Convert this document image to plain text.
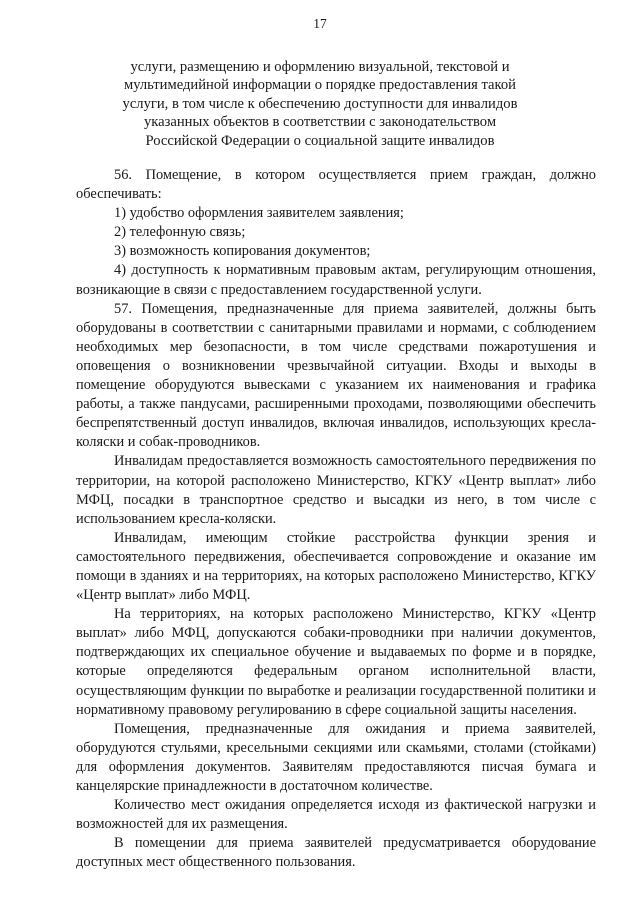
17
услуги, размещению и оформлению визуальной, текстовой и
мультимедийной информации о порядке предоставления такой
услуги, в том числе к обеспечению доступности для инвалидов
указанных объектов в соответствии с законодательством
Российской Федерации о социальной защите инвалидов

56. Помещение, в котором осуществляется прием граждан, должно обеспечивать:

1) удобство оформления заявителем заявления;

2) телефонную связь;

3) возможность копирования документов;

4) доступность к нормативным правовым актам, регулирующим отношения, возникающие в связи с предоставлением государственной услуги.

57. Помещения, предназначенные для приема заявителей, должны быть оборудованы в соответствии с санитарными правилами и нормами, с соблюдением необходимых мер безопасности, в том числе средствами пожаротушения и оповещения о возникновении чрезвычайной ситуации. Входы и выходы в помещение оборудуются вывесками с указанием их наименования и графика работы, а также пандусами, расширенными проходами, позволяющими обеспечить беспрепятственный доступ инвалидов, включая инвалидов, использующих кресла-коляски и собак-проводников.

Инвалидам предоставляется возможность самостоятельного передвижения по территории, на которой расположено Министерство, КГКУ «Центр выплат» либо МФЦ, посадки в транспортное средство и высадки из него, в том числе с использованием кресла-коляски.

Инвалидам, имеющим стойкие расстройства функции зрения и самостоятельного передвижения, обеспечивается сопровождение и оказание им помощи в зданиях и на территориях, на которых расположено Министерство, КГКУ «Центр выплат» либо МФЦ.

На территориях, на которых расположено Министерство, КГКУ «Центр выплат» либо МФЦ, допускаются собаки-проводники при наличии документов, подтверждающих их специальное обучение и выдаваемых по форме и в порядке, которые определяются федеральным органом исполнительной власти, осуществляющим функции по выработке и реализации государственной политики и нормативному правовому регулированию в сфере социальной защиты населения.

Помещения, предназначенные для ожидания и приема заявителей, оборудуются стульями, кресельными секциями или скамьями, столами (стойками) для оформления документов. Заявителям предоставляются писчая бумага и канцелярские принадлежности в достаточном количестве.

Количество мест ожидания определяется исходя из фактической нагрузки и возможностей для их размещения.

В помещении для приема заявителей предусматривается оборудование доступных мест общественного пользования.
